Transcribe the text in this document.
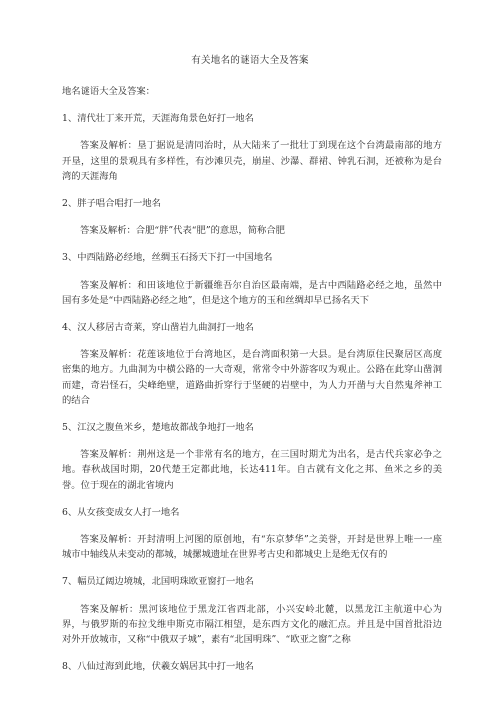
有关地名的谜语大全及答案

地名谜语大全及答案：

1、清代壮丁来开荒，天涯海角景色好打一地名

答案及解析：垦丁据说是清同治时，从大陆来了一批壮丁到现在这个台湾最南部的地方开垦，这里的景观具有多样性，有沙滩贝壳，崩崖、沙瀑、群裙、钟乳石洞，还被称为是台湾的天涯海角

2、胖子唱合唱打一地名

答案及解析：合肥“胖”代表“肥”的意思，简称合肥

3、中西陆路必经地，丝绸玉石扬天下打一中国地名

答案及解析：和田该地位于新疆维吾尔自治区最南端，是古中西陆路必经之地，虽然中国有多处是“中西陆路必经之地”，但是这个地方的玉和丝绸却早已扬名天下

4、汉人移居古奇莱，穿山凿岩九曲洞打一地名

答案及解析：花莲该地位于台湾地区，是台湾面积第一大县。是台湾原住民聚居区高度密集的地方。九曲洞为中横公路的一大奇观，常常令中外游客叹为观止。公路在此穿山凿洞而建，奇岩怪石，尖峰绝壁，道路曲折穿行于坚硬的岩壁中，为人力开凿与大自然鬼斧神工的结合

5、江汉之腹鱼米乡，楚地故都战争地打一地名

答案及解析：荆州这是一个非常有名的地方，在三国时期尤为出名，是古代兵家必争之地。春秋战国时期，20代楚王定都此地，长达411年。自古就有文化之邦、鱼米之乡的美誉。位于现在的湖北省境内

6、从女孩变成女人打一地名

答案及解析：开封清明上河图的原创地，有“东京梦华”之美誉，开封是世界上唯一一座城市中轴线从未变动的都城，城摞城遗址在世界考古史和都城史上是绝无仅有的

7、幅员辽阔边境城，北国明珠欧亚窗打一地名

答案及解析：黑河该地位于黑龙江省西北部，小兴安岭北麓，以黑龙江主航道中心为界，与俄罗斯的布拉戈维申斯克市隔江相望，是东西方文化的融汇点。并且是中国首批沿边对外开放城市，又称“中俄双子城”，素有“北国明珠”、“欧亚之窗”之称

8、八仙过海到此地，伏羲女娲居其中打一地名
